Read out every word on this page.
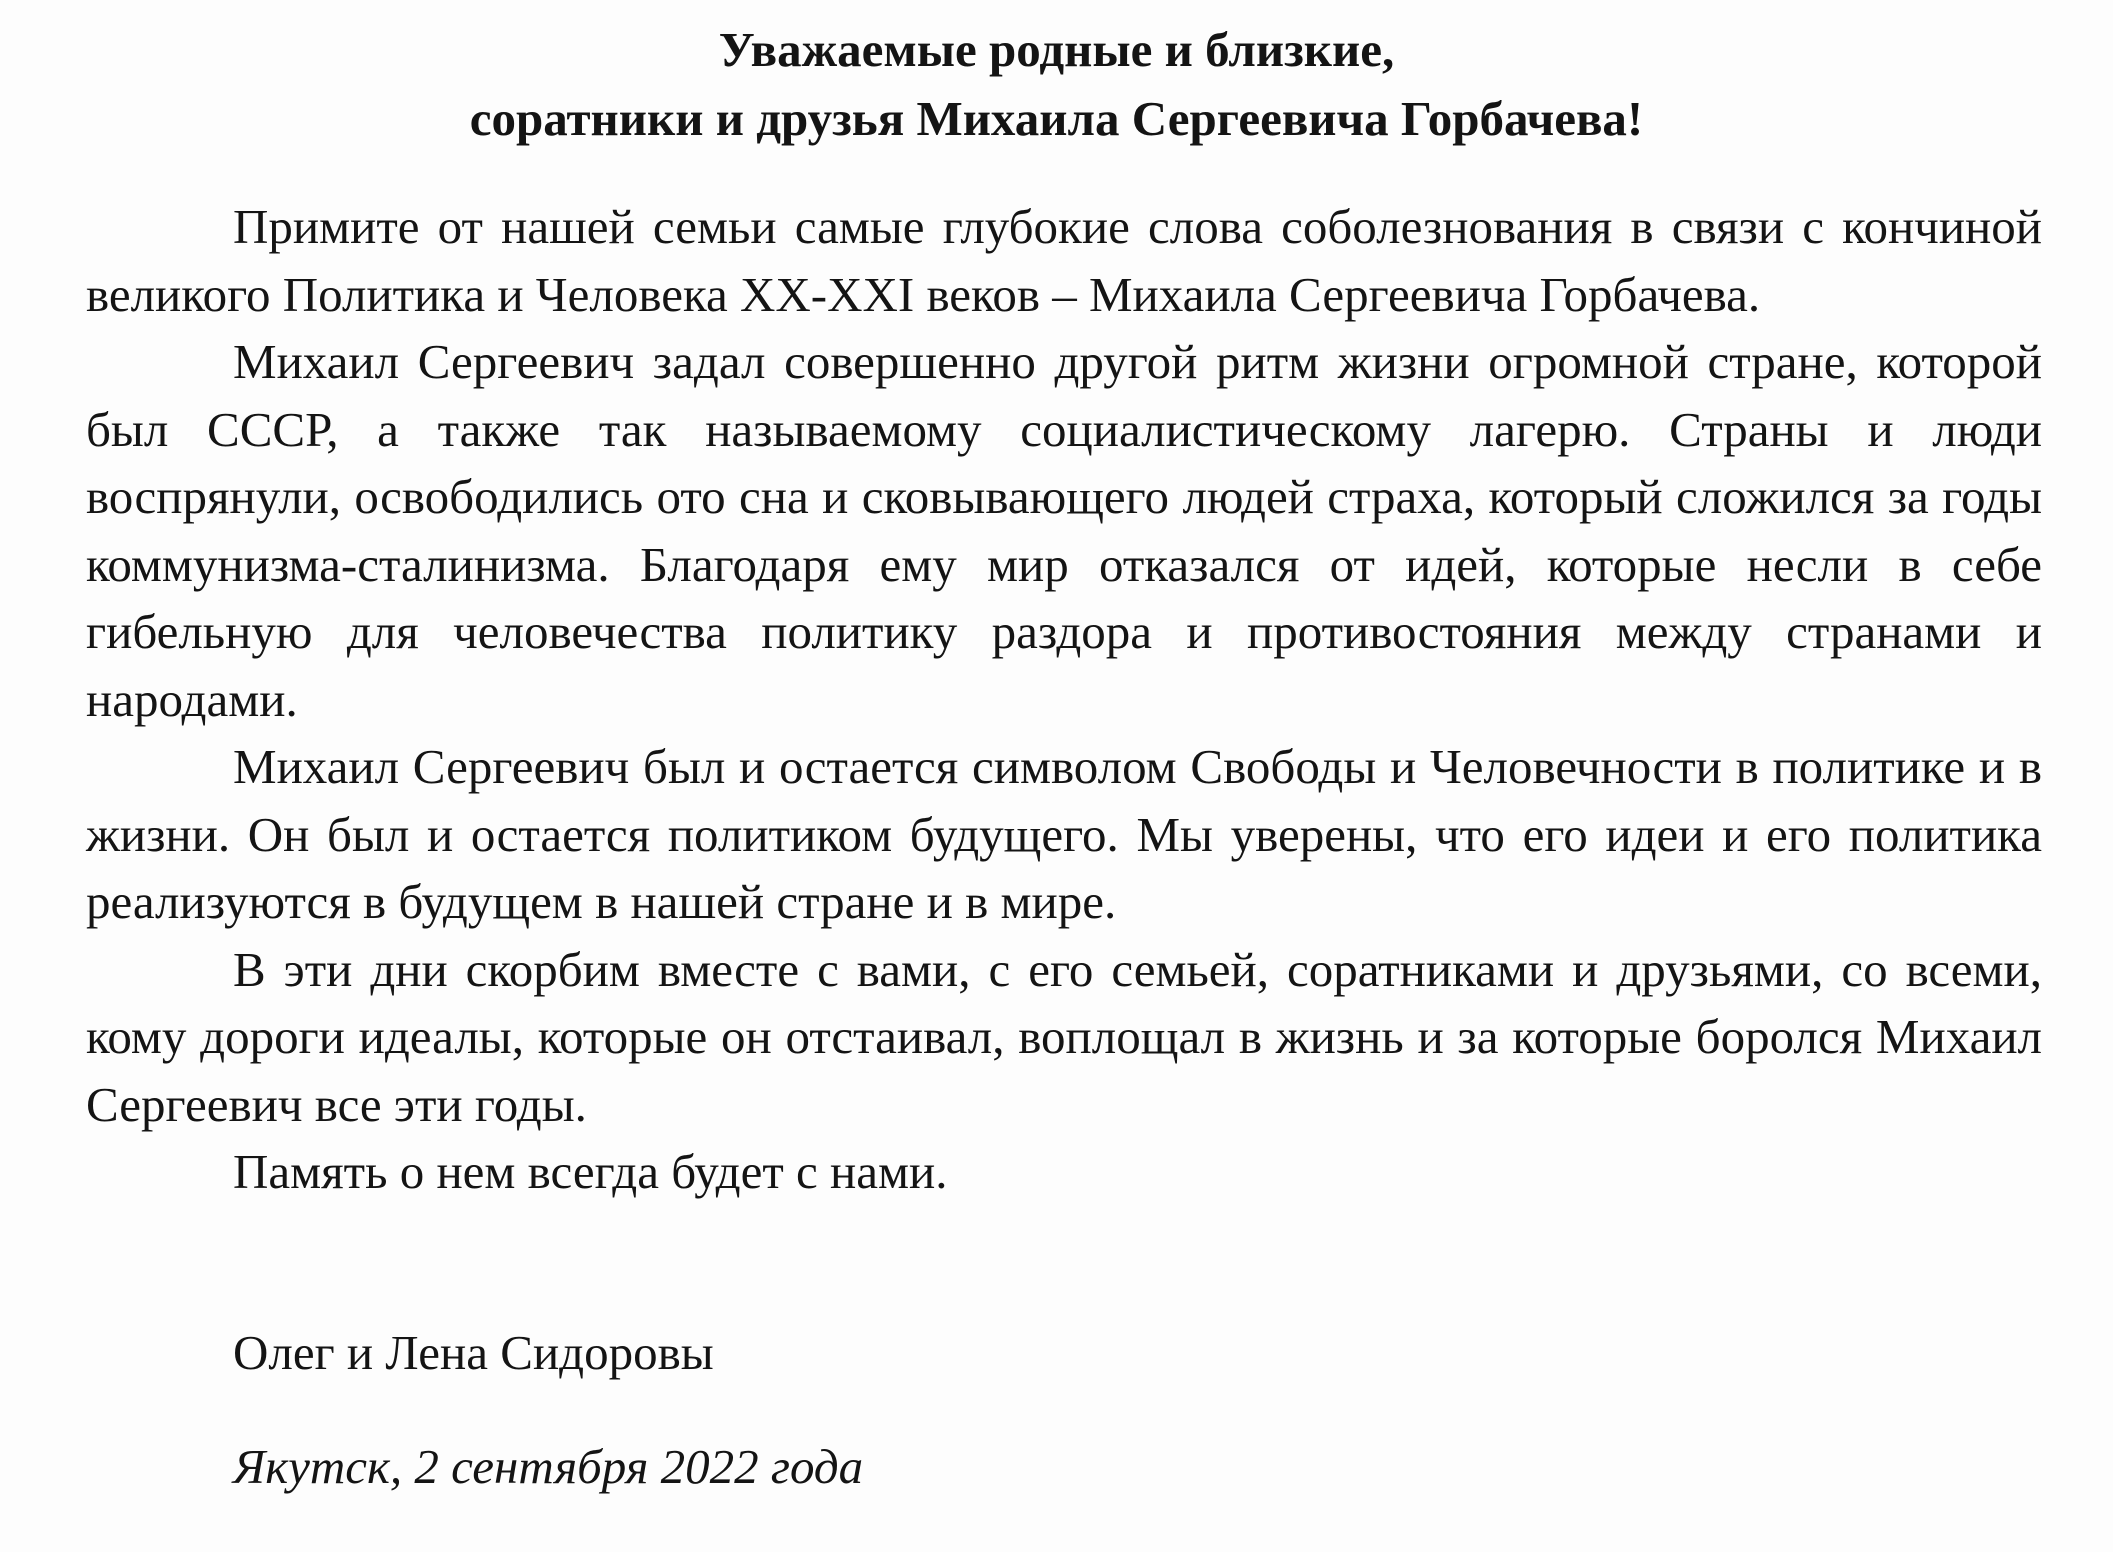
Уважаемые родные и близкие,
соратники и друзья Михаила Сергеевича Горбачева!

Примите от нашей семьи самые глубокие слова соболезнования в связи с кончиной великого Политика и Человека XX-XXI веков – Михаила Сергеевича Горбачева.

Михаил Сергеевич задал совершенно другой ритм жизни огромной стране, которой был СССР, а также так называемому социалистическому лагерю. Страны и люди воспрянули, освободились ото сна и сковывающего людей страха, который сложился за годы коммунизма-сталинизма. Благодаря ему мир отказался от идей, которые несли в себе гибельную для человечества политику раздора и противостояния между странами и народами.

Михаил Сергеевич был и остается символом Свободы и Человечности в политике и в жизни. Он был и остается политиком будущего. Мы уверены, что его идеи и его политика реализуются в будущем в нашей стране и в мире.

В эти дни скорбим вместе с вами, с его семьей, соратниками и друзьями, со всеми, кому дороги идеалы, которые он отстаивал, воплощал в жизнь и за которые боролся Михаил Сергеевич все эти годы.

Память о нем всегда будет с нами.

Олег и Лена Сидоровы

Якутск, 2 сентября 2022 года
